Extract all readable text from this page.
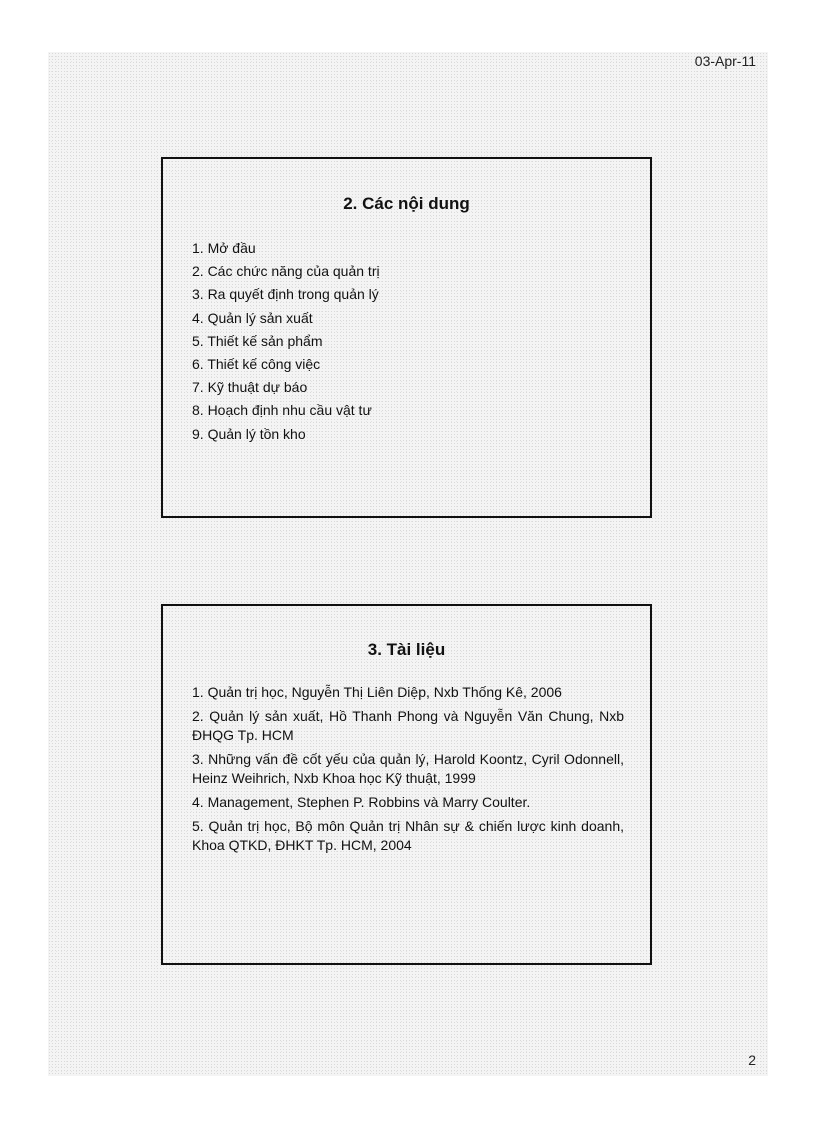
03-Apr-11
2. Các nội dung
1. Mở đầu
2. Các chức năng của quản trị
3. Ra quyết định trong quản lý
4. Quản lý sản xuất
5. Thiết kế sản phẩm
6. Thiết kế công việc
7. Kỹ thuật dự báo
8. Hoạch định nhu cầu vật tư
9. Quản lý tồn kho
3. Tài liệu
1. Quản trị học, Nguyễn Thị Liên Diệp, Nxb Thống Kê, 2006
2. Quản lý sản xuất, Hồ Thanh Phong và Nguyễn Văn Chung, Nxb ĐHQG Tp. HCM
3. Những vấn đề cốt yếu của quản lý, Harold Koontz, Cyril Odonnell, Heinz Weihrich, Nxb Khoa học Kỹ thuật, 1999
4. Management, Stephen P. Robbins và Marry Coulter.
5. Quản trị học, Bộ môn Quản trị Nhân sự & chiến lược kinh doanh, Khoa QTKD, ĐHKT Tp. HCM, 2004
2
